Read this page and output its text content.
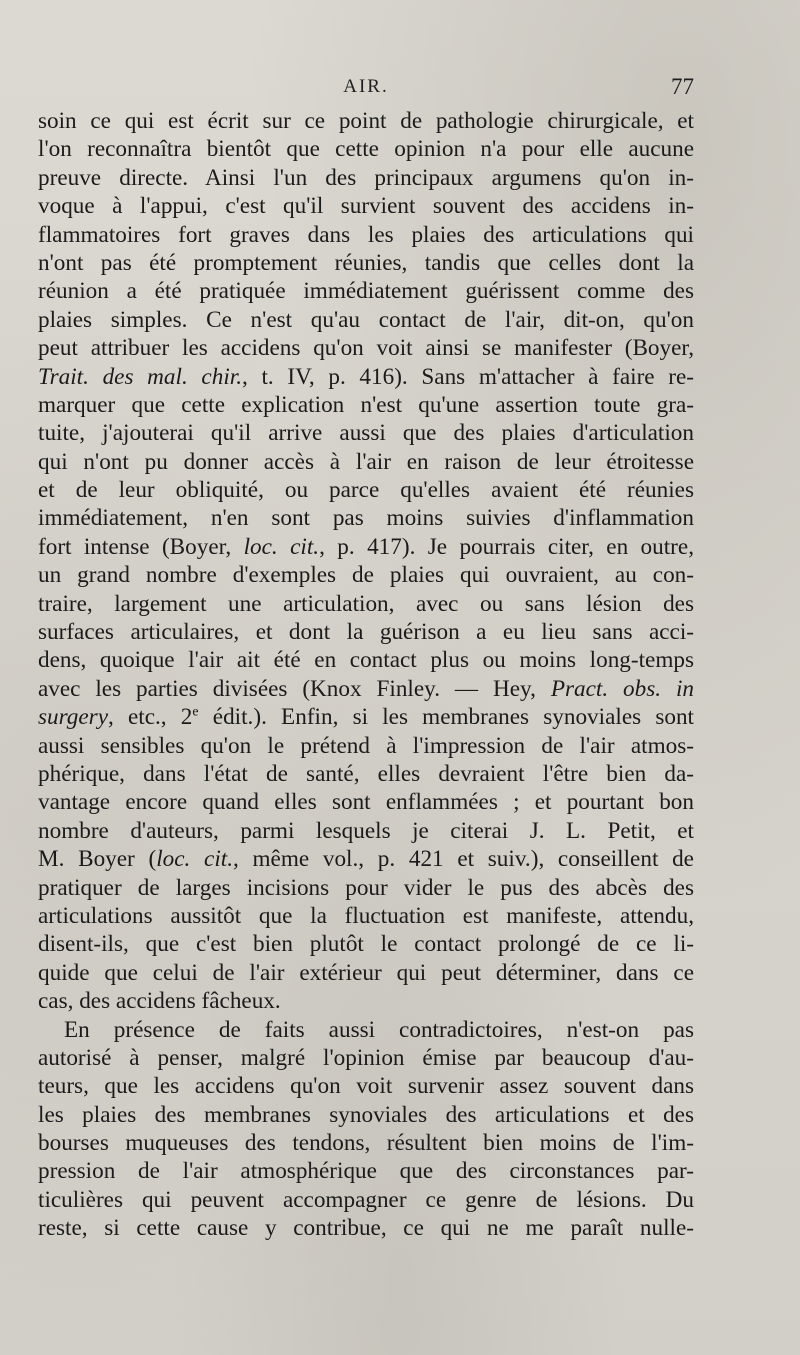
AIR.	77
soin ce qui est écrit sur ce point de pathologie chirurgicale, et
l'on reconnaîtra bientôt que cette opinion n'a pour elle aucune
preuve directe. Ainsi l'un des principaux argumens qu'on in-
voque à l'appui, c'est qu'il survient souvent des accidens in-
flammatoires fort graves dans les plaies des articulations qui
n'ont pas été promptement réunies, tandis que celles dont la
réunion a été pratiquée immédiatement guérissent comme des
plaies simples. Ce n'est qu'au contact de l'air, dit-on, qu'on
peut attribuer les accidens qu'on voit ainsi se manifester (Boyer,
Trait. des mal. chir., t. IV, p. 416). Sans m'attacher à faire re-
marquer que cette explication n'est qu'une assertion toute gra-
tuite, j'ajouterai qu'il arrive aussi que des plaies d'articulation
qui n'ont pu donner accès à l'air en raison de leur étroitesse
et de leur obliquité, ou parce qu'elles avaient été réunies
immédiatement, n'en sont pas moins suivies d'inflammation
fort intense (Boyer, loc. cit., p. 417). Je pourrais citer, en outre,
un grand nombre d'exemples de plaies qui ouvraient, au con-
traire, largement une articulation, avec ou sans lésion des
surfaces articulaires, et dont la guérison a eu lieu sans acci-
dens, quoique l'air ait été en contact plus ou moins long-temps
avec les parties divisées (Knox Finley. — Hey, Pract. obs. in
surgery, etc., 2e édit.). Enfin, si les membranes synoviales sont
aussi sensibles qu'on le prétend à l'impression de l'air atmos-
phérique, dans l'état de santé, elles devraient l'être bien da-
vantage encore quand elles sont enflammées ; et pourtant bon
nombre d'auteurs, parmi lesquels je citerai J. L. Petit, et
M. Boyer (loc. cit., même vol., p. 421 et suiv.), conseillent de
pratiquer de larges incisions pour vider le pus des abcès des
articulations aussitôt que la fluctuation est manifeste, attendu,
disent-ils, que c'est bien plutôt le contact prolongé de ce li-
quide que celui de l'air extérieur qui peut déterminer, dans ce
cas, des accidens fâcheux.
En présence de faits aussi contradictoires, n'est-on pas
autorisé à penser, malgré l'opinion émise par beaucoup d'au-
teurs, que les accidens qu'on voit survenir assez souvent dans
les plaies des membranes synoviales des articulations et des
bourses muqueuses des tendons, résultent bien moins de l'im-
pression de l'air atmosphérique que des circonstances par-
ticulières qui peuvent accompagner ce genre de lésions. Du
reste, si cette cause y contribue, ce qui ne me paraît nulle-
